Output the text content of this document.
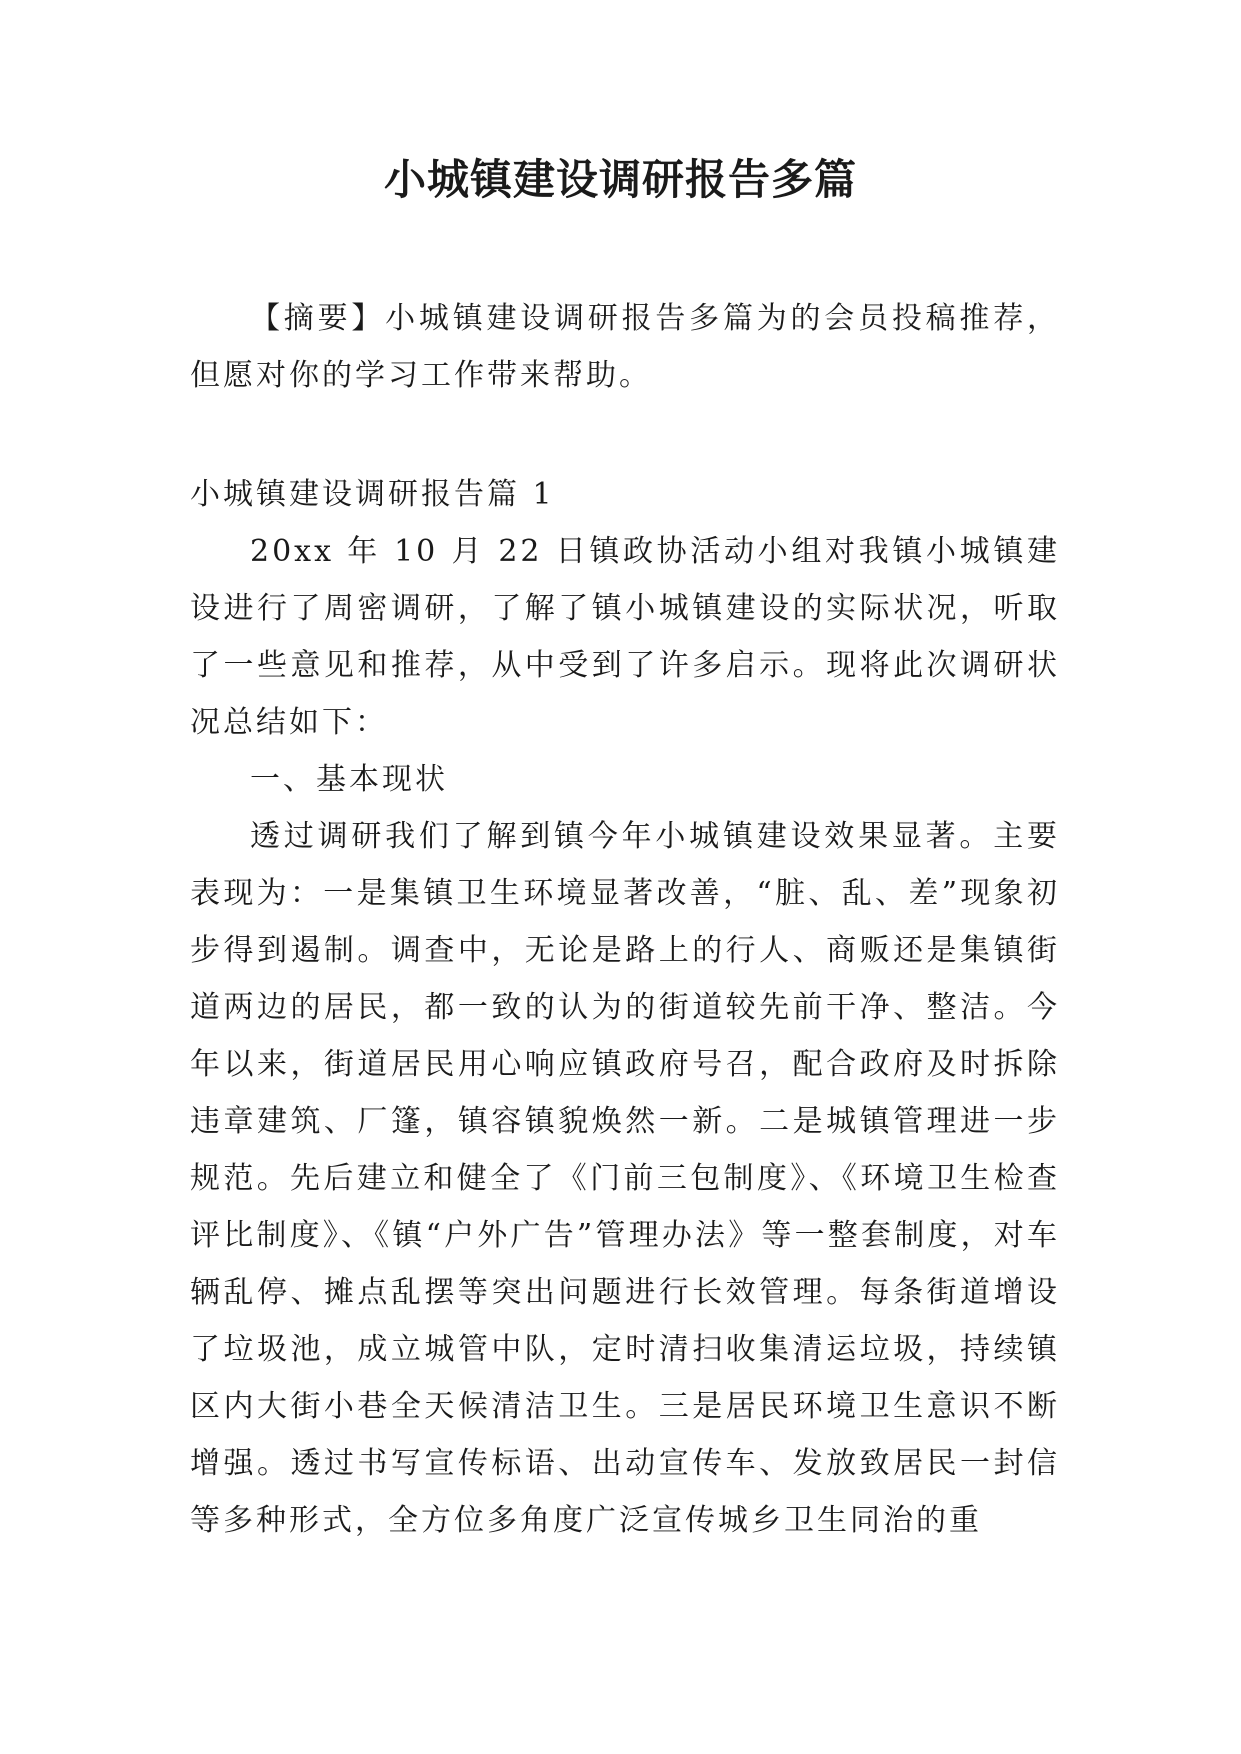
小城镇建设调研报告多篇

【摘要】小城镇建设调研报告多篇为的会员投稿推荐，但愿对你的学习工作带来帮助。

小城镇建设调研报告篇 1

20xx 年 10 月 22 日镇政协活动小组对我镇小城镇建设进行了周密调研，了解了镇小城镇建设的实际状况，听取了一些意见和推荐，从中受到了许多启示。现将此次调研状况总结如下：

一、基本现状

透过调研我们了解到镇今年小城镇建设效果显著。主要表现为：一是集镇卫生环境显著改善，“脏、乱、差”现象初步得到遏制。调查中，无论是路上的行人、商贩还是集镇街道两边的居民，都一致的认为的街道较先前干净、整洁。今年以来，街道居民用心响应镇政府号召，配合政府及时拆除违章建筑、厂篷，镇容镇貌焕然一新。二是城镇管理进一步规范。先后建立和健全了《门前三包制度》、《环境卫生检查评比制度》、《镇“户外广告”管理办法》等一整套制度，对车辆乱停、摊点乱摆等突出问题进行长效管理。每条街道增设了垃圾池，成立城管中队，定时清扫收集清运垃圾，持续镇区内大街小巷全天候清洁卫生。三是居民环境卫生意识不断增强。透过书写宣传标语、出动宣传车、发放致居民一封信等多种形式，全方位多角度广泛宣传城乡卫生同治的重
